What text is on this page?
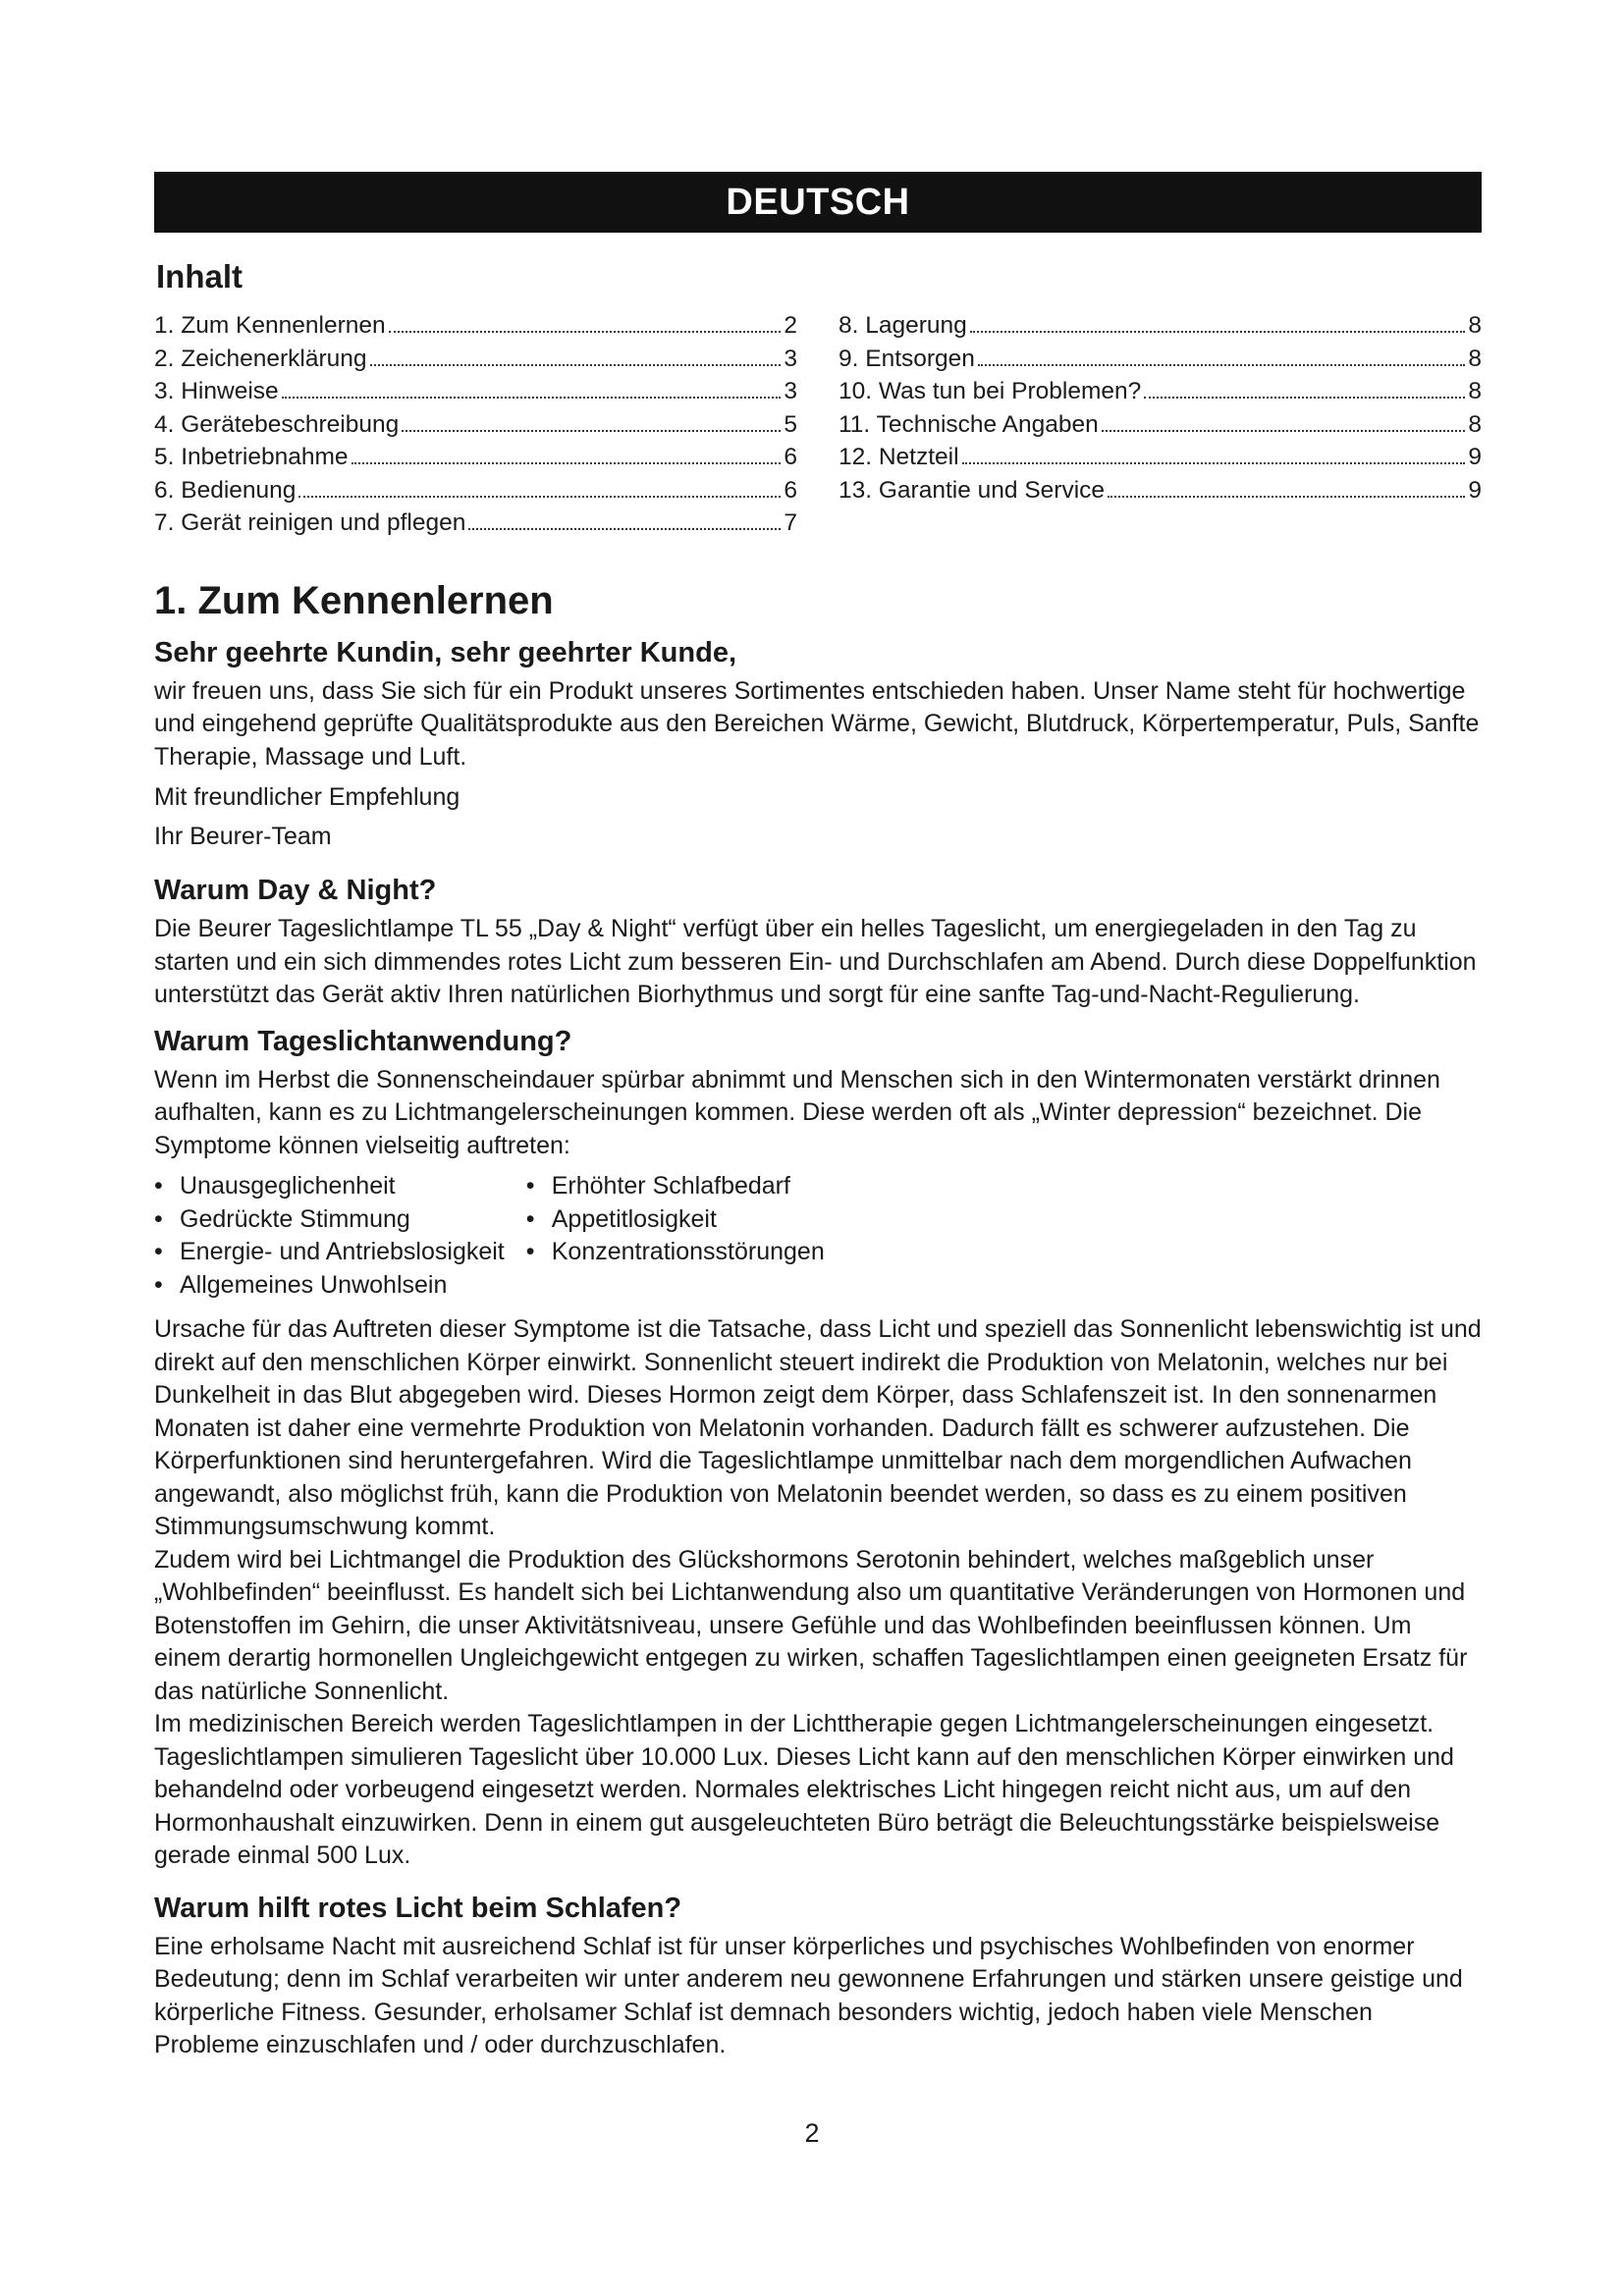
DEUTSCH
Inhalt
1. Zum Kennenlernen	2
2. Zeichenerklärung	3
3. Hinweise	3
4. Gerätebeschreibung	5
5. Inbetriebnahme	6
6. Bedienung	6
7. Gerät reinigen und pflegen	7
8. Lagerung	8
9. Entsorgen	8
10. Was tun bei Problemen?	8
11. Technische Angaben	8
12. Netzteil	9
13. Garantie und Service	9
1. Zum Kennenlernen
Sehr geehrte Kundin, sehr geehrter Kunde,

wir freuen uns, dass Sie sich für ein Produkt unseres Sortimentes entschieden haben. Unser Name steht für hochwertige und eingehend geprüfte Qualitätsprodukte aus den Bereichen Wärme, Gewicht, Blutdruck, Körpertemperatur, Puls, Sanfte Therapie, Massage und Luft.

Mit freundlicher Empfehlung

Ihr Beurer-Team

Warum Day & Night?

Die Beurer Tageslichtlampe TL 55 „Day & Night“ verfügt über ein helles Tageslicht, um energiegeladen in den Tag zu starten und ein sich dimmendes rotes Licht zum besseren Ein- und Durchschlafen am Abend. Durch diese Doppelfunktion unterstützt das Gerät aktiv Ihren natürlichen Biorhythmus und sorgt für eine sanfte Tag-und-Nacht-Regulierung.

Warum Tageslichtanwendung?

Wenn im Herbst die Sonnenscheindauer spürbar abnimmt und Menschen sich in den Wintermonaten verstärkt drinnen aufhalten, kann es zu Lichtmangelerscheinungen kommen. Diese werden oft als „Winter depression“ bezeichnet. Die Symptome können vielseitig auftreten:

• Unausgeglichenheit	• Erhöhter Schlafbedarf
• Gedrückte Stimmung	• Appetitlosigkeit
• Energie- und Antriebslosigkeit • Konzentrationsstörungen
• Allgemeines Unwohlsein

Ursache für das Auftreten dieser Symptome ist die Tatsache, dass Licht und speziell das Sonnenlicht lebenswichtig ist und direkt auf den menschlichen Körper einwirkt. Sonnenlicht steuert indirekt die Produktion von Melatonin, welches nur bei Dunkelheit in das Blut abgegeben wird. Dieses Hormon zeigt dem Körper, dass Schlafenszeit ist. In den sonnenarmen Monaten ist daher eine vermehrte Produktion von Melatonin vorhanden. Dadurch fällt es schwerer aufzustehen. Die Körperfunktionen sind heruntergefahren. Wird die Tageslichtlampe unmittelbar nach dem morgendlichen Aufwachen angewandt, also möglichst früh, kann die Produktion von Melatonin beendet werden, so dass es zu einem positiven Stimmungsumschwung kommt.

Zudem wird bei Lichtmangel die Produktion des Glückshormons Serotonin behindert, welches maßgeblich unser „Wohlbefinden“ beeinflusst. Es handelt sich bei Lichtanwendung also um quantitative Veränderungen von Hormonen und Botenstoffen im Gehirn, die unser Aktivitätsniveau, unsere Gefühle und das Wohlbefinden beeinflussen können. Um einem derartig hormonellen Ungleichgewicht entgegen zu wirken, schaffen Tageslichtlampen einen geeigneten Ersatz für das natürliche Sonnenlicht.

Im medizinischen Bereich werden Tageslichtlampen in der Lichttherapie gegen Lichtmangelerscheinungen eingesetzt. Tageslichtlampen simulieren Tageslicht über 10.000 Lux. Dieses Licht kann auf den menschlichen Körper einwirken und behandelnd oder vorbeugend eingesetzt werden. Normales elektrisches Licht hingegen reicht nicht aus, um auf den Hormonhaushalt einzuwirken. Denn in einem gut ausgeleuchteten Büro beträgt die Beleuchtungsstärke beispielsweise gerade einmal 500 Lux.

Warum hilft rotes Licht beim Schlafen?

Eine erholsame Nacht mit ausreichend Schlaf ist für unser körperliches und psychisches Wohlbefinden von enormer Bedeutung; denn im Schlaf verarbeiten wir unter anderem neu gewonnene Erfahrungen und stärken unsere geistige und körperliche Fitness. Gesunder, erholsamer Schlaf ist demnach besonders wichtig, jedoch haben viele Menschen Probleme einzuschlafen und / oder durchzuschlafen.

2
